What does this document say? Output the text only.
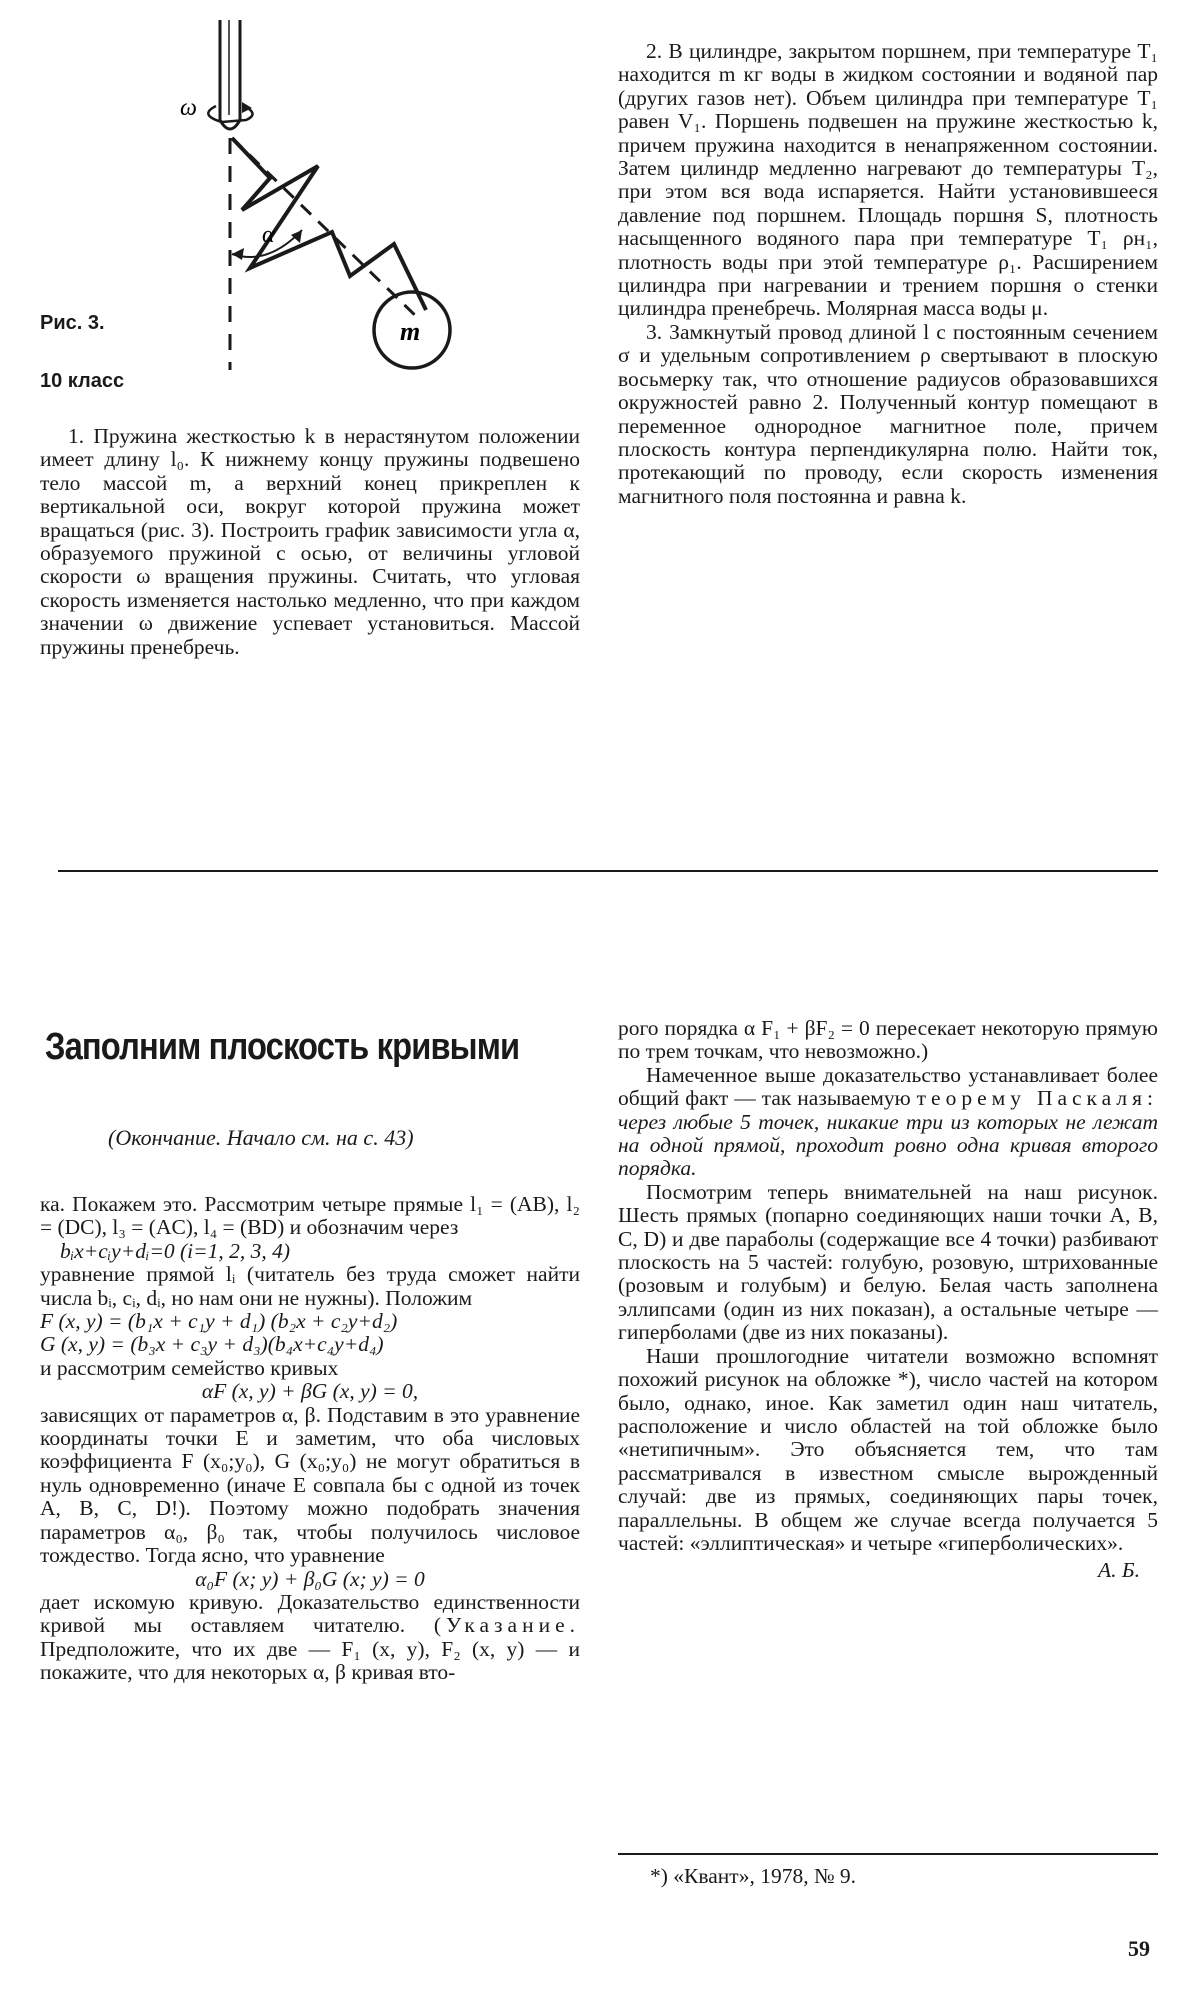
ω
α
m
Рис. 3.
10 класс

1. Пружина жесткостью k в нерастянутом положении имеет длину l₀. К нижнему концу пружины подвешено тело массой m, а верхний конец прикреплен к вертикальной оси, вокруг которой пружина может вращаться (рис. 3). Построить график зависимости угла α, образуемого пружиной с осью, от величины угловой скорости ω вращения пружины. Считать, что угловая скорость изменяется настолько медленно, что при каждом значении ω движение успевает установиться. Массой пружины пренебречь.

2. В цилиндре, закрытом поршнем, при температуре T₁ находится m кг воды в жидком состоянии и водяной пар (других газов нет). Объем цилиндра при температуре T₁ равен V₁. Поршень подвешен на пружине жесткостью k, причем пружина находится в ненапряженном состоянии. Затем цилиндр медленно нагревают до температуры T₂, при этом вся вода испаряется. Найти установившееся давление под поршнем. Площадь поршня S, плотность насыщенного водяного пара при температуре T₁ ρн₁, плотность воды при этой температуре ρ₁. Расширением цилиндра при нагревании и трением поршня о стенки цилиндра пренебречь. Молярная масса воды μ.

3. Замкнутый провод длиной l с постоянным сечением σ и удельным сопротивлением ρ свертывают в плоскую восьмерку так, что отношение радиусов образовавшихся окружностей равно 2. Полученный контур помещают в переменное однородное магнитное поле, причем плоскость контура перпендикулярна полю. Найти ток, протекающий по проводу, если скорость изменения магнитного поля постоянна и равна k.

Заполним плоскость кривыми
(Окончание. Начало см. на с. 43)

ка. Покажем это. Рассмотрим четыре прямые l₁ = (AB), l₂ = (DC), l₃ = (AC), l₄ = (BD) и обозначим через

bᵢx+cᵢy+dᵢ=0 (i=1, 2, 3, 4)

уравнение прямой lᵢ (читатель без труда сможет найти числа bᵢ, cᵢ, dᵢ, но нам они не нужны). Положим

F (x, y) = (b₁x + c₁y + d₁) (b₂x + c₂y+d₂)

G (x, y) = (b₃x + c₃y + d₃)(b₄x+c₄y+d₄)

и рассмотрим семейство кривых

αF (x, y) + βG (x, y) = 0,

зависящих от параметров α, β. Подставим в это уравнение координаты точки E и заметим, что оба числовых коэффициента F (x₀;y₀), G (x₀;y₀) не могут обратиться в нуль одновременно (иначе E совпала бы с одной из точек A, B, C, D!). Поэтому можно подобрать значения параметров α₀, β₀ так, чтобы получилось числовое тождество. Тогда ясно, что уравнение

α₀F (x; y) + β₀G (x; y) = 0

дает искомую кривую. Доказательство единственности кривой мы оставляем читателю. (Указание. Предположите, что их две — F₁ (x, y), F₂ (x, y) — и покажите, что для некоторых α, β кривая вто-

рого порядка α F₁ + βF₂ = 0 пересекает некоторую прямую по трем точкам, что невозможно.)

Намеченное выше доказательство устанавливает более общий факт — так называемую теорему Паскаля: через любые 5 точек, никакие три из которых не лежат на одной прямой, проходит ровно одна кривая второго порядка.

Посмотрим теперь внимательней на наш рисунок. Шесть прямых (попарно соединяющих наши точки A, B, C, D) и две параболы (содержащие все 4 точки) разбивают плоскость на 5 частей: голубую, розовую, штрихованные (розовым и голубым) и белую. Белая часть заполнена эллипсами (один из них показан), а остальные четыре — гиперболами (две из них показаны).

Наши прошлогодние читатели возможно вспомнят похожий рисунок на обложке *), число частей на котором было, однако, иное. Как заметил один наш читатель, расположение и число областей на той обложке было «нетипичным». Это объясняется тем, что там рассматривался в известном смысле вырожденный случай: две из прямых, соединяющих пары точек, параллельны. В общем же случае всегда получается 5 частей: «эллиптическая» и четыре «гиперболических».

А. Б.

*) «Квант», 1978, № 9.
59
